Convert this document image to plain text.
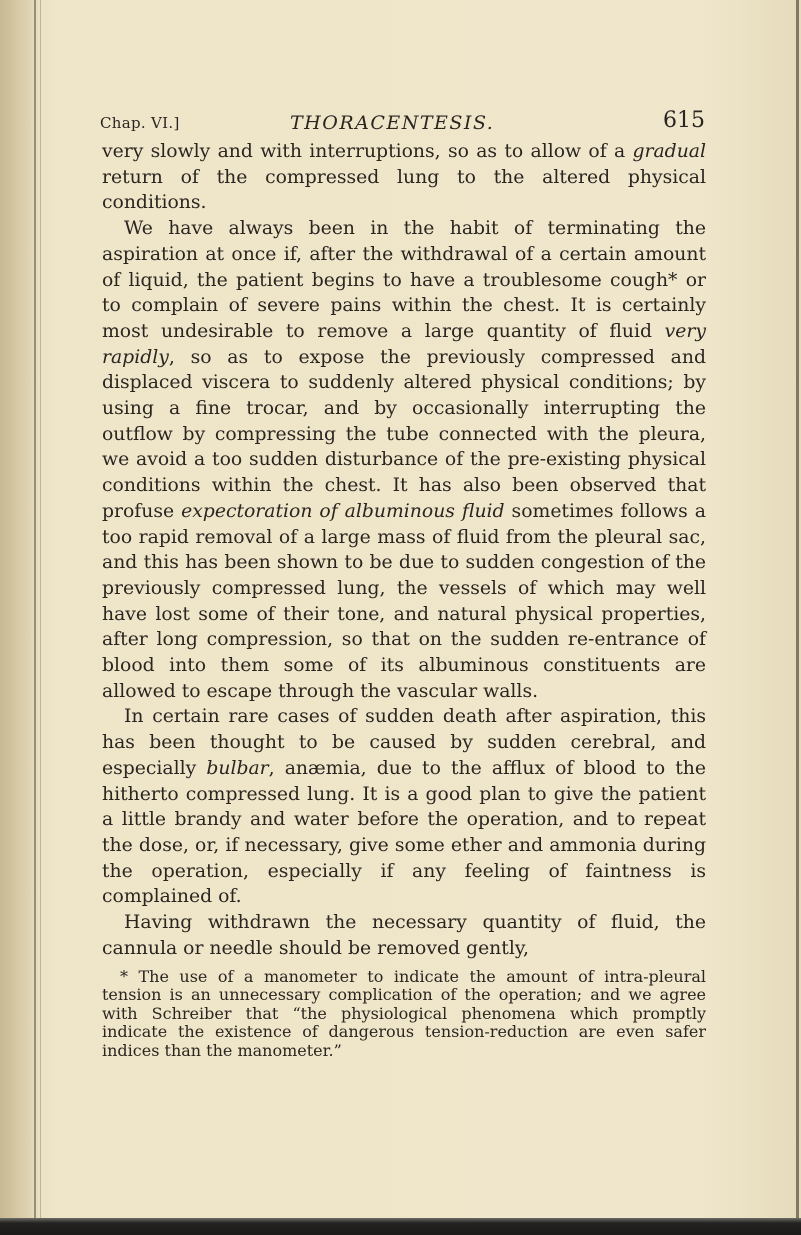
Chap. VI.]	THORACENTESIS.	615

very slowly and with interruptions, so as to allow of a gradual return of the compressed lung to the altered physical conditions.

We have always been in the habit of terminating the aspiration at once if, after the withdrawal of a certain amount of liquid, the patient begins to have a troublesome cough* or to complain of severe pains within the chest. It is certainly most undesirable to remove a large quantity of fluid very rapidly, so as to expose the previously compressed and displaced viscera to suddenly altered physical conditions; by using a fine trocar, and by occasionally interrupting the outflow by compressing the tube connected with the pleura, we avoid a too sudden disturbance of the pre-existing physical conditions within the chest. It has also been observed that profuse expectoration of albuminous fluid sometimes follows a too rapid removal of a large mass of fluid from the pleural sac, and this has been shown to be due to sudden congestion of the previously compressed lung, the vessels of which may well have lost some of their tone, and natural physical properties, after long compression, so that on the sudden re-entrance of blood into them some of its albuminous constituents are allowed to escape through the vascular walls.

In certain rare cases of sudden death after aspiration, this has been thought to be caused by sudden cerebral, and especially bulbar, anæmia, due to the afflux of blood to the hitherto compressed lung. It is a good plan to give the patient a little brandy and water before the operation, and to repeat the dose, or, if necessary, give some ether and ammonia during the operation, especially if any feeling of faintness is complained of.

Having withdrawn the necessary quantity of fluid, the cannula or needle should be removed gently,

* The use of a manometer to indicate the amount of intra-pleural tension is an unnecessary complication of the operation; and we agree with Schreiber that “the physiological phenomena which promptly indicate the existence of dangerous tension-reduction are even safer indices than the manometer.”
